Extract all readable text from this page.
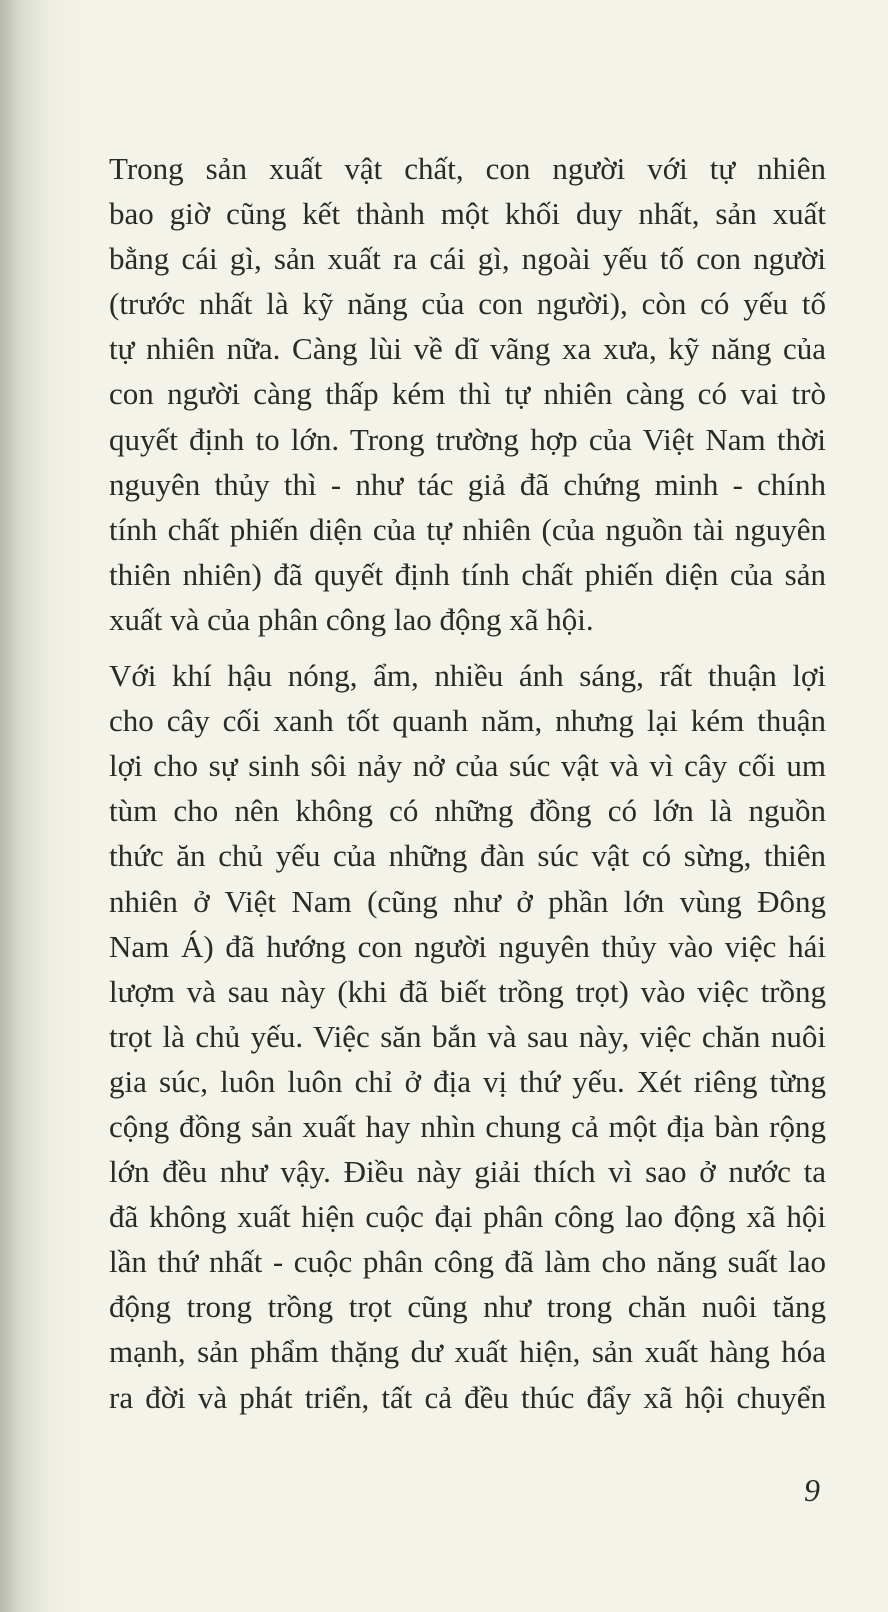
Trong sản xuất vật chất, con người với tự nhiên
bao giờ cũng kết thành một khối duy nhất, sản xuất
bằng cái gì, sản xuất ra cái gì, ngoài yếu tố con người
(trước nhất là kỹ năng của con người), còn có yếu tố
tự nhiên nữa. Càng lùi về dĩ vãng xa xưa, kỹ năng của
con người càng thấp kém thì tự nhiên càng có vai trò
quyết định to lớn. Trong trường hợp của Việt Nam thời
nguyên thủy thì - như tác giả đã chứng minh - chính
tính chất phiến diện của tự nhiên (của nguồn tài nguyên
thiên nhiên) đã quyết định tính chất phiến diện của sản
xuất và của phân công lao động xã hội.

Với khí hậu nóng, ẩm, nhiều ánh sáng, rất thuận lợi
cho cây cối xanh tốt quanh năm, nhưng lại kém thuận
lợi cho sự sinh sôi nảy nở của súc vật và vì cây cối um
tùm cho nên không có những đồng có lớn là nguồn
thức ăn chủ yếu của những đàn súc vật có sừng, thiên
nhiên ở Việt Nam (cũng như ở phần lớn vùng Đông
Nam Á) đã hướng con người nguyên thủy vào việc hái
lượm và sau này (khi đã biết trồng trọt) vào việc trồng
trọt là chủ yếu. Việc săn bắn và sau này, việc chăn nuôi
gia súc, luôn luôn chỉ ở địa vị thứ yếu. Xét riêng từng
cộng đồng sản xuất hay nhìn chung cả một địa bàn rộng
lớn đều như vậy. Điều này giải thích vì sao ở nước ta
đã không xuất hiện cuộc đại phân công lao động xã hội
lần thứ nhất - cuộc phân công đã làm cho năng suất lao
động trong trồng trọt cũng như trong chăn nuôi tăng
mạnh, sản phẩm thặng dư xuất hiện, sản xuất hàng hóa
ra đời và phát triển, tất cả đều thúc đẩy xã hội chuyển

9
